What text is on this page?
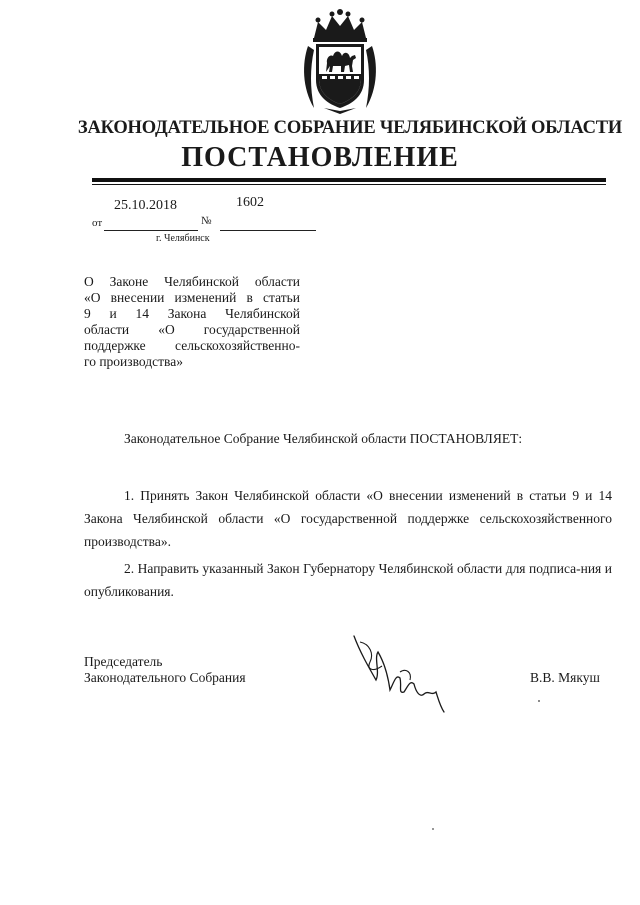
ЗАКОНОДАТЕЛЬНОЕ СОБРАНИЕ ЧЕЛЯБИНСКОЙ ОБЛАСТИ
ПОСТАНОВЛЕНИЕ
25.10.2018	1602
от	№
г. Челябинск
О Законе Челябинской области
«О внесении изменений в статьи
9 и 14 Закона Челябинской
области «О государственной
поддержке сельскохозяйственно-
го производства»
Законодательное Собрание Челябинской области ПОСТАНОВЛЯЕТ:
1. Принять Закон Челябинской области «О внесении изменений в статьи 9 и 14 Закона Челябинской области «О государственной поддержке сельскохозяйственного производства».
2. Направить указанный Закон Губернатору Челябинской области для подписа-ния и опубликования.
Председатель
Законодательного Собрания	В.В. Мякуш
